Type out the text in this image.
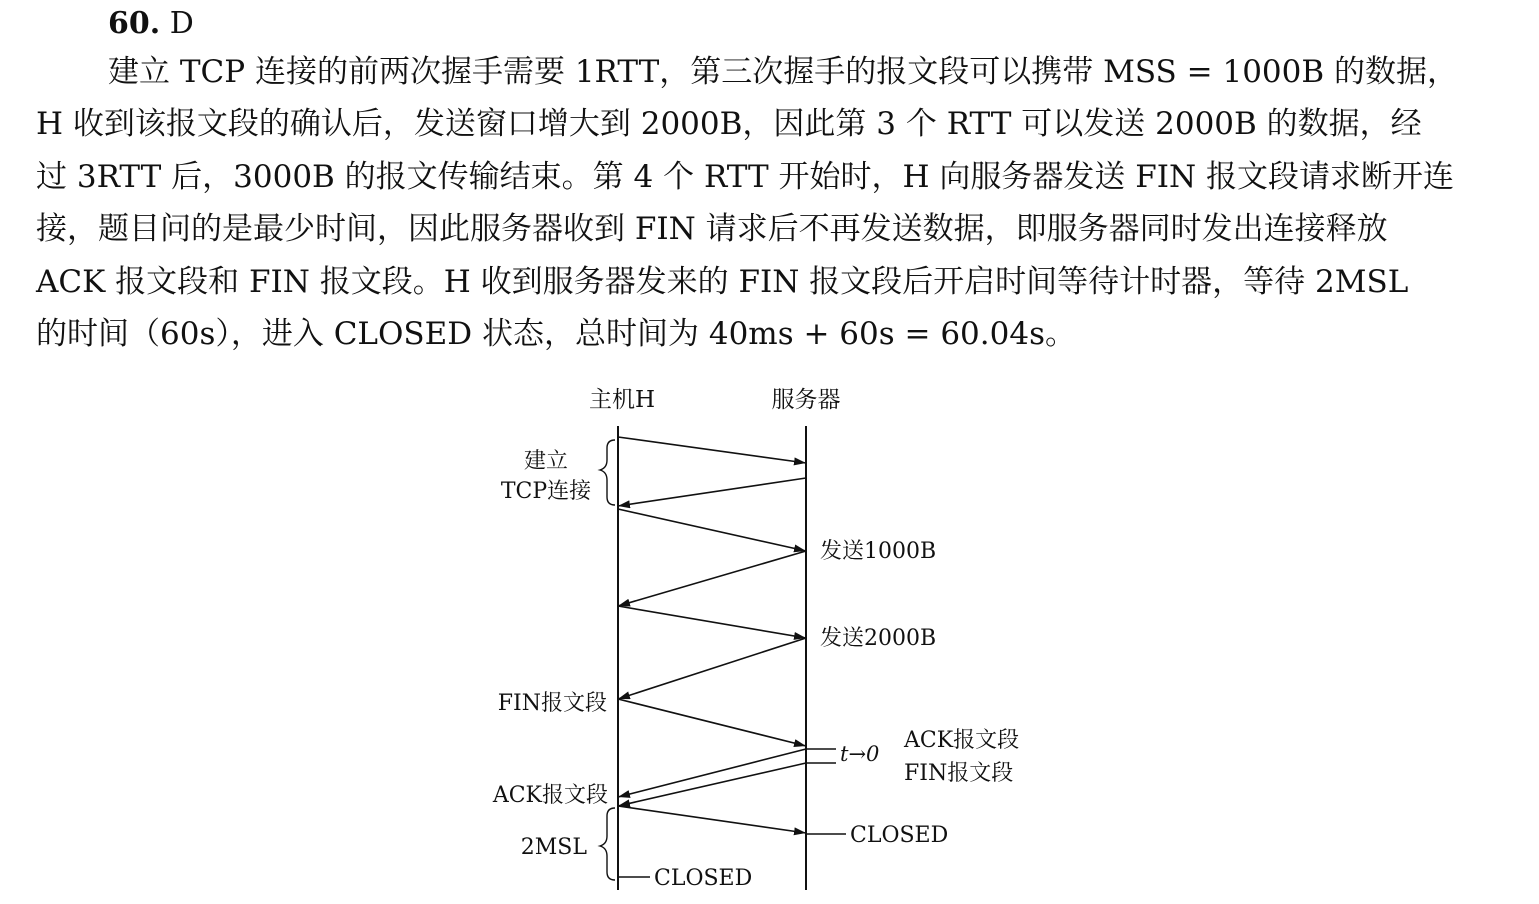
60. D
建立 TCP 连接的前两次握手需要 1RTT，第三次握手的报文段可以携带 MSS = 1000B 的数据，
H 收到该报文段的确认后，发送窗口增大到 2000B，因此第 3 个 RTT 可以发送 2000B 的数据，经
过 3RTT 后，3000B 的报文传输结束。第 4 个 RTT 开始时，H 向服务器发送 FIN 报文段请求断开连
接，题目问的是最少时间，因此服务器收到 FIN 请求后不再发送数据，即服务器同时发出连接释放
ACK 报文段和 FIN 报文段。H 收到服务器发来的 FIN 报文段后开启时间等待计时器，等待 2MSL
的时间（60s），进入 CLOSED 状态，总时间为 40ms + 60s = 60.04s。
主机H	服务器
建立
TCP连接
发送1000B
发送2000B
FIN报文段
t→0
ACK报文段
FIN报文段
ACK报文段
2MSL	CLOSED
CLOSED
